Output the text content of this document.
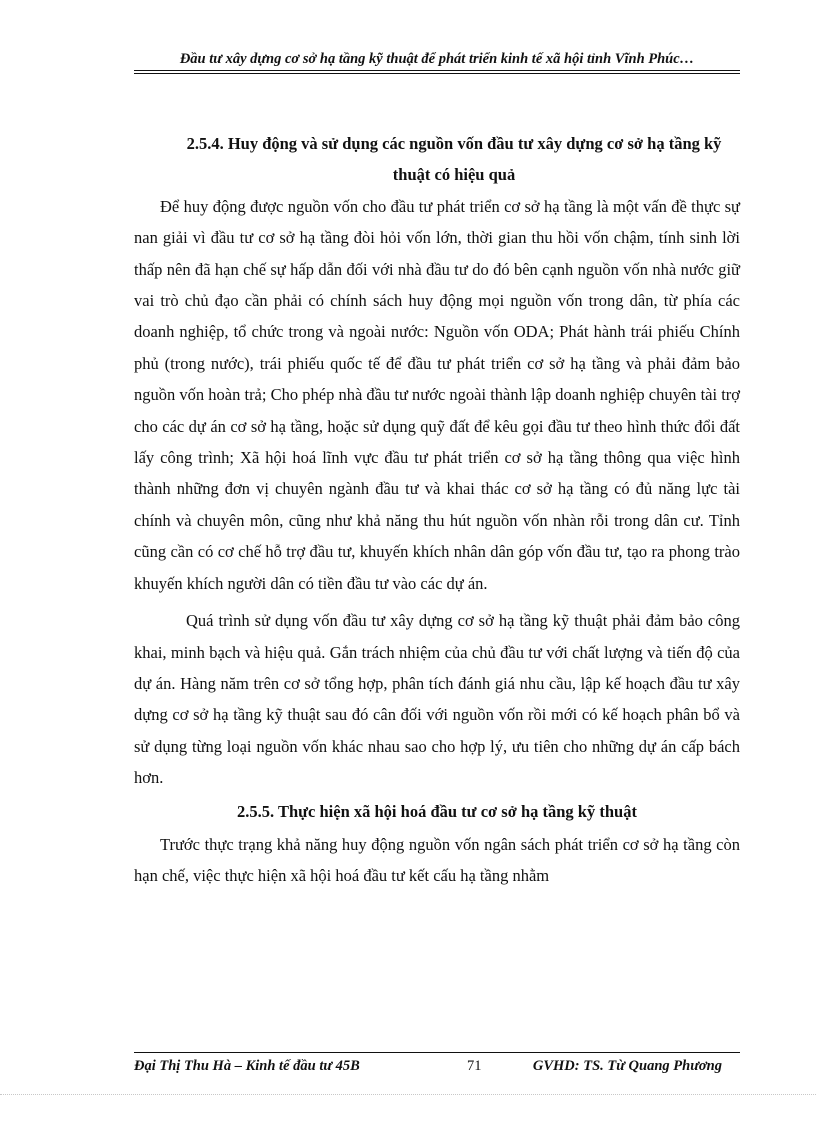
Đầu tư xây dựng cơ sở hạ tầng kỹ thuật để phát triển kinh tế xã hội tỉnh Vĩnh Phúc…
2.5.4. Huy động và sử dụng các nguồn vốn đầu tư xây dựng cơ sở hạ tầng kỹ thuật có hiệu quả

Để huy động được nguồn vốn cho đầu tư phát triển cơ sở hạ tầng là một vấn đề thực sự nan giải vì đầu tư cơ sở hạ tầng đòi hỏi vốn lớn, thời gian thu hồi vốn chậm, tính sinh lời thấp nên đã hạn chế sự hấp dẫn đối với nhà đầu tư do đó bên cạnh nguồn vốn nhà nước giữ vai trò chủ đạo cần phải có chính sách huy động mọi nguồn vốn trong dân, từ phía các doanh nghiệp, tổ chức trong và ngoài nước: Nguồn vốn ODA; Phát hành trái phiếu Chính phủ (trong nước), trái phiếu quốc tế để đầu tư phát triển cơ sở hạ tầng và phải đảm bảo nguồn vốn hoàn trả; Cho phép nhà đầu tư nước ngoài thành lập doanh nghiệp chuyên tài trợ cho các dự án cơ sở hạ tầng, hoặc sử dụng quỹ đất để kêu gọi đầu tư theo hình thức đổi đất lấy công trình; Xã hội hoá lĩnh vực đầu tư phát triển cơ sở hạ tầng thông qua việc hình thành những đơn vị chuyên ngành đầu tư và khai thác cơ sở hạ tầng có đủ năng lực tài chính và chuyên môn, cũng như khả năng thu hút nguồn vốn nhàn rỗi trong dân cư. Tỉnh cũng cần có cơ chế hỗ trợ đầu tư, khuyến khích nhân dân góp vốn đầu tư, tạo ra phong trào khuyến khích người dân có tiền đầu tư vào các dự án.

Quá trình sử dụng vốn đầu tư xây dựng cơ sở hạ tầng kỹ thuật phải đảm bảo công khai, minh bạch và hiệu quả. Gắn trách nhiệm của chủ đầu tư với chất lượng và tiến độ của dự án. Hàng năm trên cơ sở tổng hợp, phân tích đánh giá nhu cầu, lập kế hoạch đầu tư xây dựng cơ sở hạ tầng kỹ thuật sau đó cân đối với nguồn vốn rồi mới có kế hoạch phân bổ và sử dụng từng loại nguồn vốn khác nhau sao cho hợp lý, ưu tiên cho những dự án cấp bách hơn.

2.5.5. Thực hiện xã hội hoá đầu tư cơ sở hạ tầng kỹ thuật

Trước thực trạng khả năng huy động nguồn vốn ngân sách phát triển cơ sở hạ tầng còn hạn chế, việc thực hiện xã hội hoá đầu tư kết cấu hạ tầng nhằm

Đại Thị Thu Hà – Kinh tế đầu tư 45B	71	GVHD: TS. Từ Quang Phương
